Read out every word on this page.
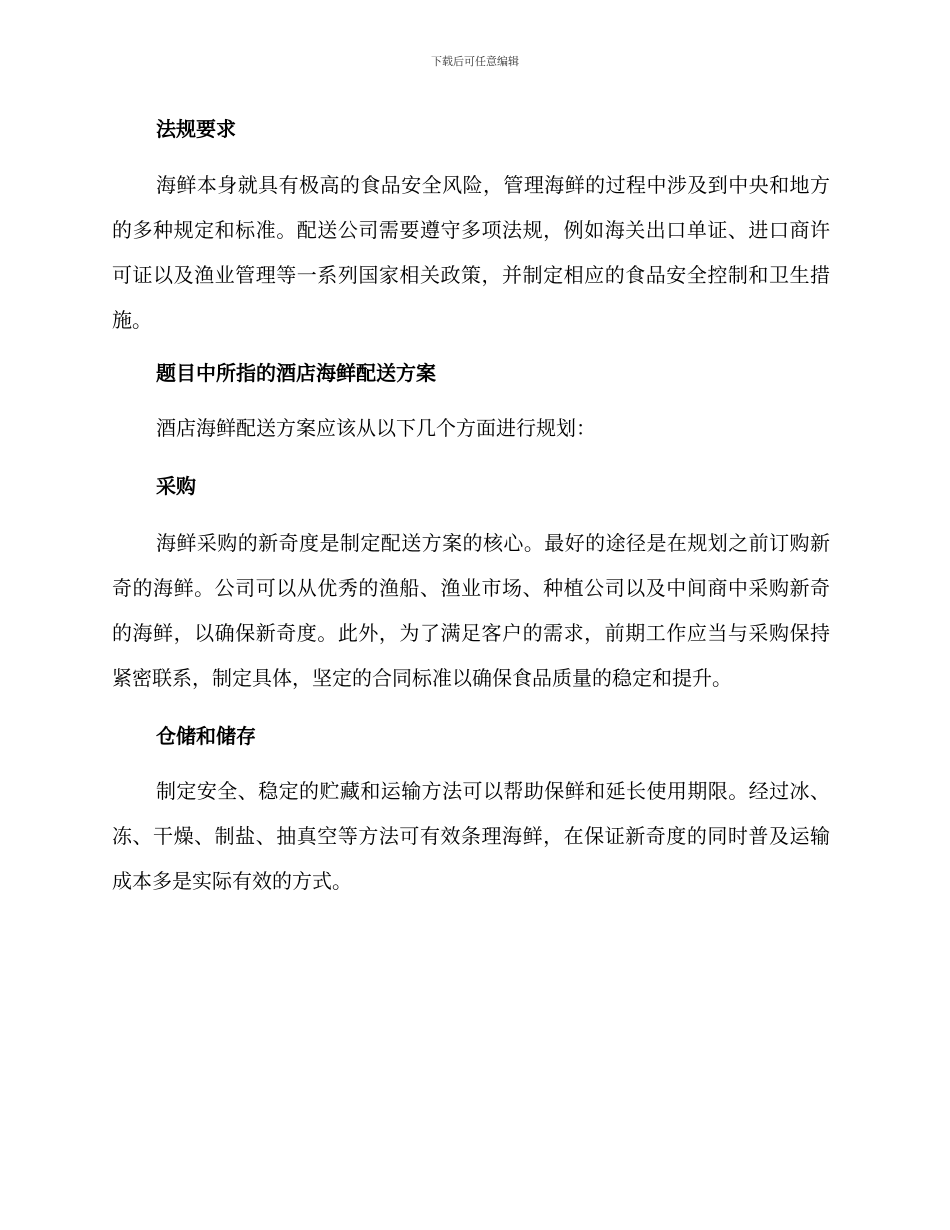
下载后可任意编辑
法规要求

海鲜本身就具有极高的食品安全风险，管理海鲜的过程中涉及到中央和地方的多种规定和标准。配送公司需要遵守多项法规，例如海关出口单证、进口商许可证以及渔业管理等一系列国家相关政策，并制定相应的食品安全控制和卫生措施。

题目中所指的酒店海鲜配送方案

酒店海鲜配送方案应该从以下几个方面进行规划：

采购

海鲜采购的新奇度是制定配送方案的核心。最好的途径是在规划之前订购新奇的海鲜。公司可以从优秀的渔船、渔业市场、种植公司以及中间商中采购新奇的海鲜，以确保新奇度。此外，为了满足客户的需求，前期工作应当与采购保持紧密联系，制定具体，坚定的合同标准以确保食品质量的稳定和提升。

仓储和储存

制定安全、稳定的贮藏和运输方法可以帮助保鲜和延长使用期限。经过冰、冻、干燥、制盐、抽真空等方法可有效条理海鲜，在保证新奇度的同时普及运输成本多是实际有效的方式。
